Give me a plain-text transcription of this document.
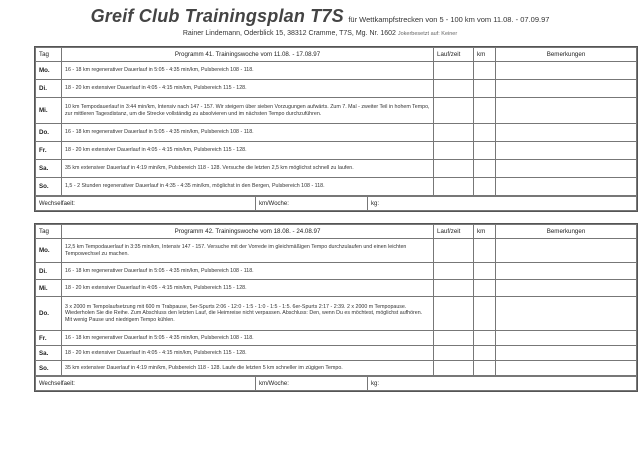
Greif Club Trainingsplan T7S für Wettkampfstrecken von 5 - 100 km vom 11.08. - 07.09.97
Rainer Lindemann, Oderblick 15, 38312 Cramme, T7S, Mg. Nr. 1602 Jokerbesetzt auf: Keiner
Tag	Programm 41. Trainingswoche vom 11.08. - 17.08.97	Lauf/zeit	km	Bemerkungen
Mo.	16 - 18 km regenerativer Dauerlauf in 5:05 - 4:35 min/km, Pulsbereich 108 - 118.			
Di.	18 - 20 km extensiver Dauerlauf in 4:05 - 4:15 min/km, Pulsbereich 115 - 128.			
Mi.	10 km Tempodauerlauf in 3:44 min/km, Intensiv nach 147 - 157. Wir steigern über sieben Vorzugungen aufwärts. Zum 7. Mal - zweiter Teil in hohem Tempo, zur mittleren Tagesdistanz, um die Strecke vollständig zu absolvieren und im nächsten Tempo durchzuführen.			
Do.	16 - 18 km regenerativer Dauerlauf in 5:05 - 4:35 min/km, Pulsbereich 108 - 118.			
Fr.	18 - 20 km extensiver Dauerlauf in 4:05 - 4:15 min/km, Pulsbereich 115 - 128.			
Sa.	35 km extensiver Dauerlauf in 4:19 min/km, Pulsbereich 118 - 128. Versuche die letzten 2,5 km möglichst schnell zu laufen.			
So.	1,5 - 2 Stunden regenerativer Dauerlauf in 4:35 - 4:35 min/km, möglichst in den Bergen, Pulsbereich 108 - 118.			
Wechselfaeit:	km/Woche:	kg:
Tag	Programm 42. Trainingswoche vom 18.08. - 24.08.97	Lauf/zeit	km	Bemerkungen
Mo.	12,5 km Tempodauerlauf in 3:35 min/km, Intensiv 147 - 157. Versuche mit der Vorrede im gleichmäßigen Tempo durchzulaufen und einen leichten Tempowechsel zu machen.			
Di.	16 - 18 km regenerativer Dauerlauf in 5:05 - 4:35 min/km, Pulsbereich 108 - 118.			
Mi.	18 - 20 km extensiver Dauerlauf in 4:05 - 4:15 min/km, Pulsbereich 115 - 128.			
Do.	3 x 2000 m Tempolaufsetzung mit 600 m Trabpause, 5er-Spurts 2:06 - 12:0 - 1:5 - 1:0 - 1:5 - 1:5. 6er-Spurts 2:17 - 2:39. 2 x 2000 m Tempopause. Wiederholen Sie die Reihe. Zum Abschluss den letzten Lauf, die Heimreise nicht verpassen. Abschluss: Den, wenn Du es möchtest, möglichst aufhören. Mit wenig Pause und niedrigem Tempo kühlen.			
Fr.	16 - 18 km regenerativer Dauerlauf in 5:05 - 4:35 min/km, Pulsbereich 108 - 118.			
Sa.	18 - 20 km extensiver Dauerlauf in 4:05 - 4:15 min/km, Pulsbereich 115 - 128.			
So.	35 km extensiver Dauerlauf in 4:19 min/km, Pulsbereich 118 - 128. Laufe die letzten 5 km schneller im zügigen Tempo.			
Wechselfaeit:	km/Woche:	kg:
